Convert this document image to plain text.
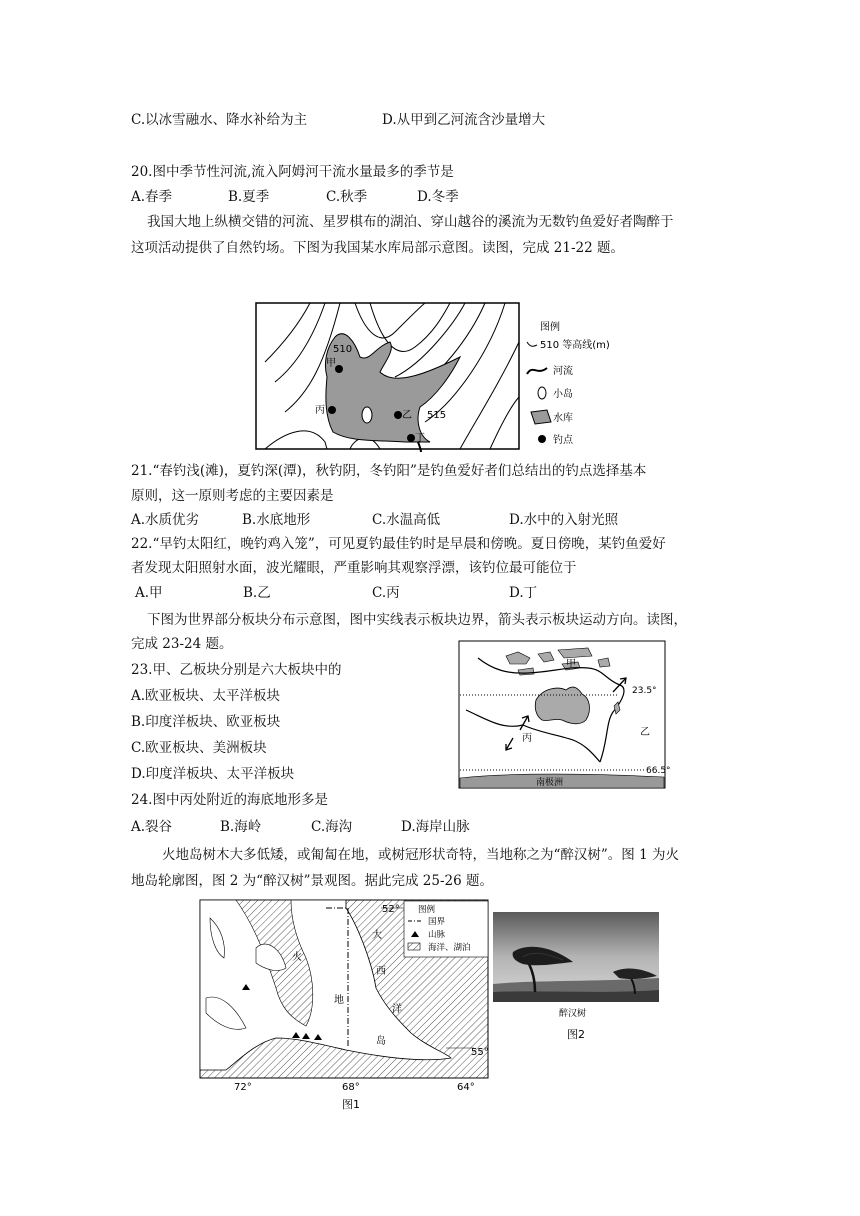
C.以冰雪融水、降水补给为主	D.从甲到乙河流含沙量增大
20.图中季节性河流,流入阿姆河干流水量最多的季节是
A.春季	B.夏季	C.秋季	D.冬季
我国大地上纵横交错的河流、星罗棋布的湖泊、穿山越谷的溪流为无数钓鱼爱好者陶醉于
这项活动提供了自然钓场。下图为我国某水库局部示意图。读图，完成 21-22 题。
510
515
甲
乙
丙
丁
图例
510 等高线(m)
河流
小岛
水库
钓点
21.“春钓浅(滩)，夏钓深(潭)，秋钓阴，冬钓阳”是钓鱼爱好者们总结出的钓点选择基本
原则，这一原则考虑的主要因素是
A.水质优劣	B.水底地形	C.水温高低	D.水中的入射光照
22.“早钓太阳红，晚钓鸡入笼”，可见夏钓最佳钓时是早晨和傍晚。夏日傍晚，某钓鱼爱好
者发现太阳照射水面，波光耀眼，严重影响其观察浮漂，该钓位最可能位于
A.甲	B.乙	C.丙	D.丁
下图为世界部分板块分布示意图，图中实线表示板块边界，箭头表示板块运动方向。读图，
完成 23-24 题。
甲
乙
丙
南极洲
23.5°
66.5°
23.甲、乙板块分别是六大板块中的
A.欧亚板块、太平洋板块
B.印度洋板块、欧亚板块
C.欧亚板块、美洲板块
D.印度洋板块、太平洋板块
24.图中丙处附近的海底地形多是
A.裂谷	B.海岭	C.海沟	D.海岸山脉
火地岛树木大多低矮，或匍匐在地，或树冠形状奇特，当地称之为“醉汉树”。图 1 为火
地岛轮廓图，图 2 为“醉汉树”景观图。据此完成 25-26 题。
图例
国界
山脉
海洋、湖泊
52°
55°
72°	68°	64°
火
地
岛
大
西
洋
图1
醉汉树
图2
